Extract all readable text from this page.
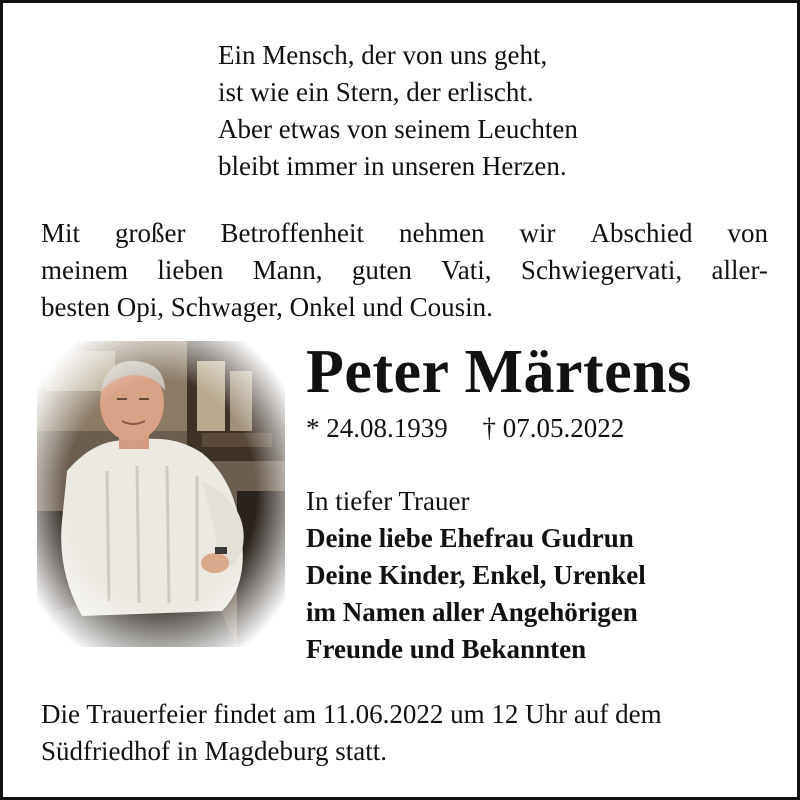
Ein Mensch, der von uns geht,
ist wie ein Stern, der erlischt.
Aber etwas von seinem Leuchten
bleibt immer in unseren Herzen.
Mit großer Betroffenheit nehmen wir Abschied von
meinem lieben Mann, guten Vati, Schwiegervati, aller-
besten Opi, Schwager, Onkel und Cousin.
Peter Märtens
* 24.08.1939 † 07.05.2022
In tiefer Trauer
Deine liebe Ehefrau Gudrun
Deine Kinder, Enkel, Urenkel
im Namen aller Angehörigen
Freunde und Bekannten
Die Trauerfeier findet am 11.06.2022 um 12 Uhr auf dem
Südfriedhof in Magdeburg statt.
